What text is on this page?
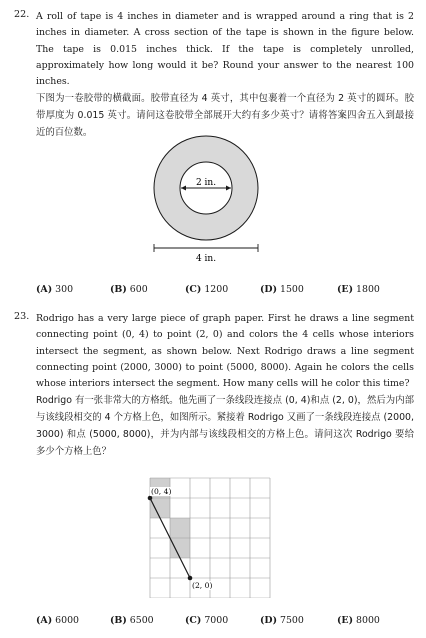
22. A roll of tape is 4 inches in diameter and is wrapped around a ring that is 2 inches in diameter. A cross section of the tape is shown in the figure below. The tape is 0.015 inches thick. If the tape is completely unrolled, approximately how long would it be? Round your answer to the nearest 100 inches.
下图为一卷胶带的横截面。胶带直径为 4 英寸，其中包裹着一个直径为 2 英寸的圆环。胶带厚度为 0.015 英寸。请问这卷胶带全部展开大约有多少英寸？请将答案四舍五入到最接近的百位数。
2 in.
4 in.
(A) 300	(B) 600	(C) 1200	(D) 1500	(E) 1800
23. Rodrigo has a very large piece of graph paper. First he draws a line segment connecting point (0, 4) to point (2, 0) and colors the 4 cells whose interiors intersect the segment, as shown below. Next Rodrigo draws a line segment connecting point (2000, 3000) to point (5000, 8000). Again he colors the cells whose interiors intersect the segment. How many cells will he color this time?
Rodrigo 有一张非常大的方格纸。他先画了一条线段连接点 (0, 4)和点 (2, 0)，然后为内部与该线段相交的 4 个方格上色，如图所示。紧接着 Rodrigo 又画了一条线段连接点 (2000, 3000) 和点 (5000, 8000)，并为内部与该线段相交的方格上色。请问这次 Rodrigo 要给多少个方格上色？
(0, 4)
(2, 0)
(A) 6000	(B) 6500	(C) 7000	(D) 7500	(E) 8000
